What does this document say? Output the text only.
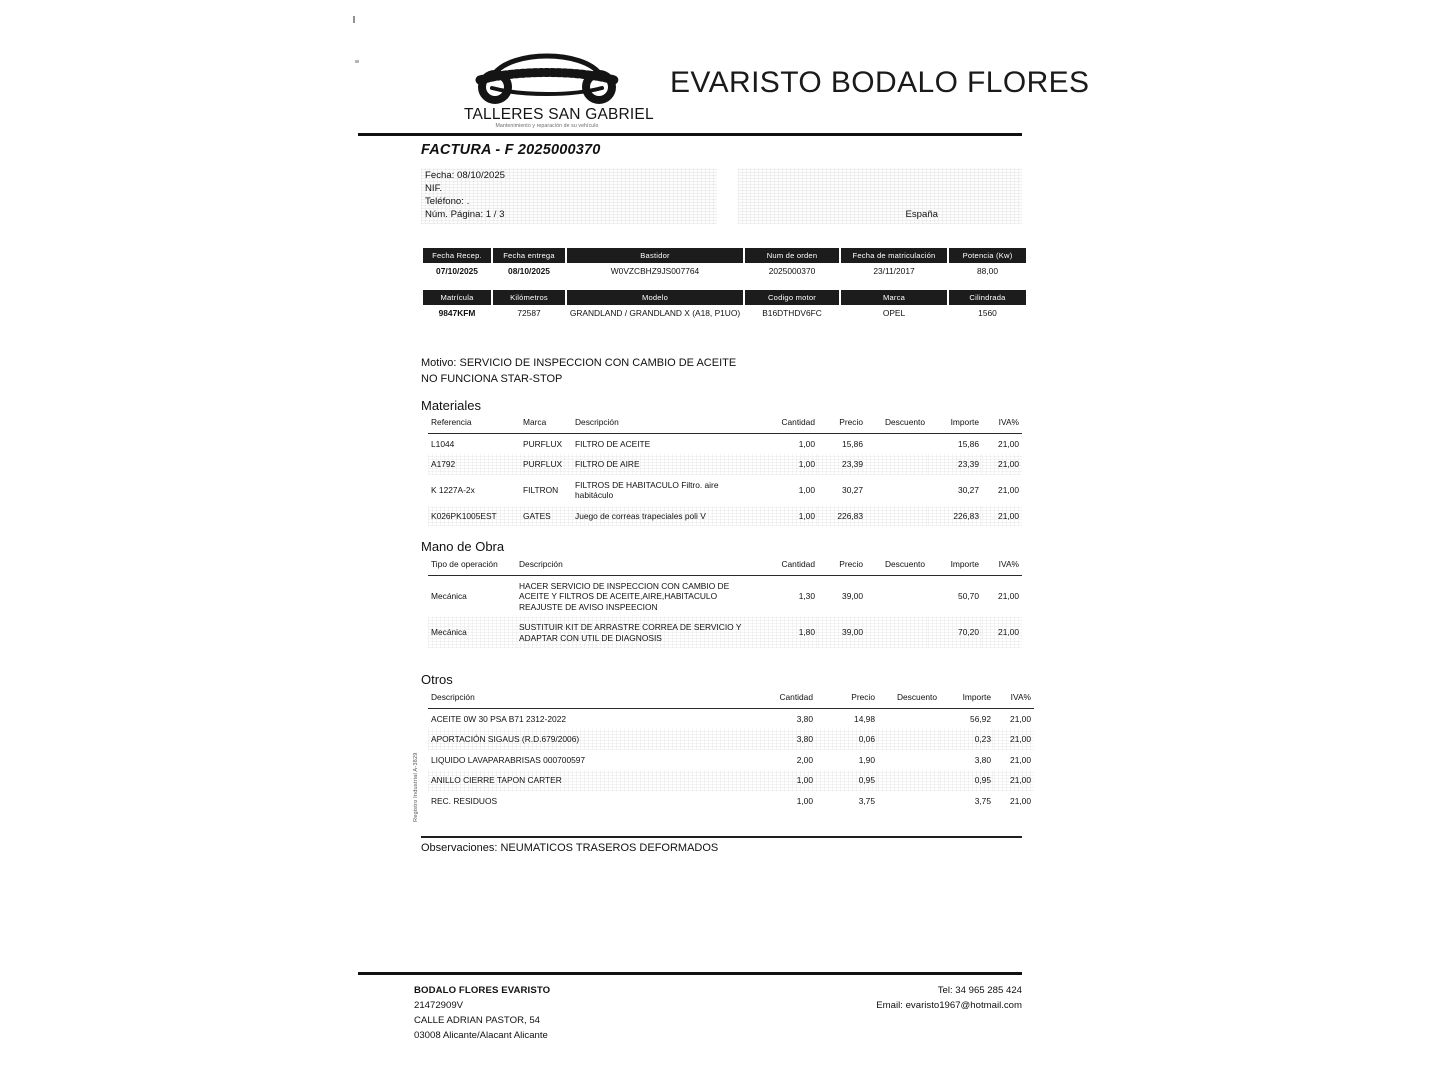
TALLERES SAN GABRIEL
Mantenimiento y reparación de su vehículo
EVARISTO BODALO FLORES
FACTURA - F 2025000370
Fecha: 08/10/2025
NIF.
Teléfono: .
Núm. Página: 1 / 3	España
Fecha Recep.	Fecha entrega	Bastidor	Num de orden	Fecha de matriculación	Potencia (Kw)
07/10/2025	08/10/2025	W0VZCBHZ9JS007764	2025000370	23/11/2017	88,00
Matrícula	Kilómetros	Modelo	Codigo motor	Marca	Cilindrada
9847KFM	72587	GRANDLAND / GRANDLAND X (A18, P1UO)	B16DTHDV6FC	OPEL	1560
Motivo: SERVICIO DE INSPECCION CON CAMBIO DE ACEITE
NO FUNCIONA STAR-STOP
Materiales
Referencia	Marca	Descripción	Cantidad	Precio	Descuento	Importe	IVA%
L1044	PURFLUX	FILTRO DE ACEITE	1,00	15,86		15,86	21,00
A1792	PURFLUX	FILTRO DE AIRE	1,00	23,39		23,39	21,00
K 1227A-2x	FILTRON	FILTROS DE HABITACULO Filtro. aire habitáculo	1,00	30,27		30,27	21,00
K026PK1005EST	GATES	Juego de correas trapeciales poli V	1,00	226,83		226,83	21,00
Mano de Obra
Tipo de operación	Descripción	Cantidad	Precio	Descuento	Importe	IVA%
Mecánica	HACER SERVICIO DE INSPECCION CON CAMBIO DE ACEITE Y FILTROS DE ACEITE,AIRE,HABITACULO REAJUSTE DE AVISO INSPEECION	1,30	39,00		50,70	21,00
Mecánica	SUSTITUIR KIT DE ARRASTRE CORREA DE SERVICIO Y ADAPTAR CON UTIL DE DIAGNOSIS	1,80	39,00		70,20	21,00
Otros
Descripción	Cantidad	Precio	Descuento	Importe	IVA%
ACEITE 0W 30 PSA B71 2312-2022	3,80	14,98		56,92	21,00
APORTACIÓN SIGAUS (R.D.679/2006)	3,80	0,06		0,23	21,00
LIQUIDO LAVAPARABRISAS 000700597	2,00	1,90		3,80	21,00
ANILLO CIERRE TAPON CARTER	1,00	0,95		0,95	21,00
REC. RESIDUOS	1,00	3,75		3,75	21,00
Registro Industrial A-3829
Observaciones: NEUMATICOS TRASEROS DEFORMADOS
BODALO FLORES EVARISTO
21472909V
CALLE ADRIAN PASTOR, 54
03008 Alicante/Alacant Alicante
Tel: 34 965 285 424
Email: evaristo1967@hotmail.com
